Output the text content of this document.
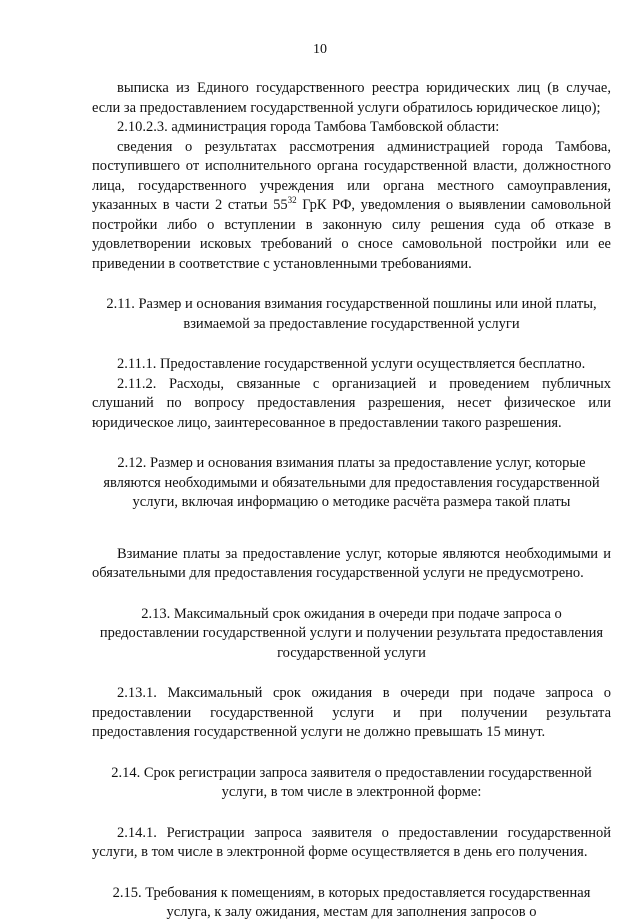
10

выписка из Единого государственного реестра юридических лиц (в случае, если за предоставлением государственной услуги обратилось юридическое лицо);

2.10.2.3. администрация города Тамбова Тамбовской области:

сведения о результатах рассмотрения администрацией города Тамбова, поступившего от исполнительного органа государственной власти, должностного лица, государственного учреждения или органа местного самоуправления, указанных в части 2 статьи $55^{32}$ ГрК РФ, уведомления о выявлении самовольной постройки либо о вступлении в законную силу решения суда об отказе в удовлетворении исковых требований о сносе самовольной постройки или ее приведении в соответствие с установленными требованиями.

2.11. Размер и основания взимания государственной пошлины или иной платы, взимаемой за предоставление государственной услуги

2.11.1. Предоставление государственной услуги осуществляется бесплатно.

2.11.2. Расходы, связанные с организацией и проведением публичных слушаний по вопросу предоставления разрешения, несет физическое или юридическое лицо, заинтересованное в предоставлении такого разрешения.

2.12. Размер и основания взимания платы за предоставление услуг, которые являются необходимыми и обязательными для предоставления государственной услуги, включая информацию о методике расчёта размера такой платы

Взимание платы за предоставление услуг, которые являются необходимыми и обязательными для предоставления государственной услуги не предусмотрено.

2.13. Максимальный срок ожидания в очереди при подаче запроса о предоставлении государственной услуги и получении результата предоставления государственной услуги

2.13.1. Максимальный срок ожидания в очереди при подаче запроса о предоставлении государственной услуги и при получении результата предоставления государственной услуги не должно превышать 15 минут.

2.14. Срок регистрации запроса заявителя о предоставлении государственной услуги, в том числе в электронной форме:

2.14.1. Регистрации запроса заявителя о предоставлении государственной услуги, в том числе в электронной форме осуществляется в день его получения.

2.15. Требования к помещениям, в которых предоставляется государственная услуга, к залу ожидания, местам для заполнения запросов о
